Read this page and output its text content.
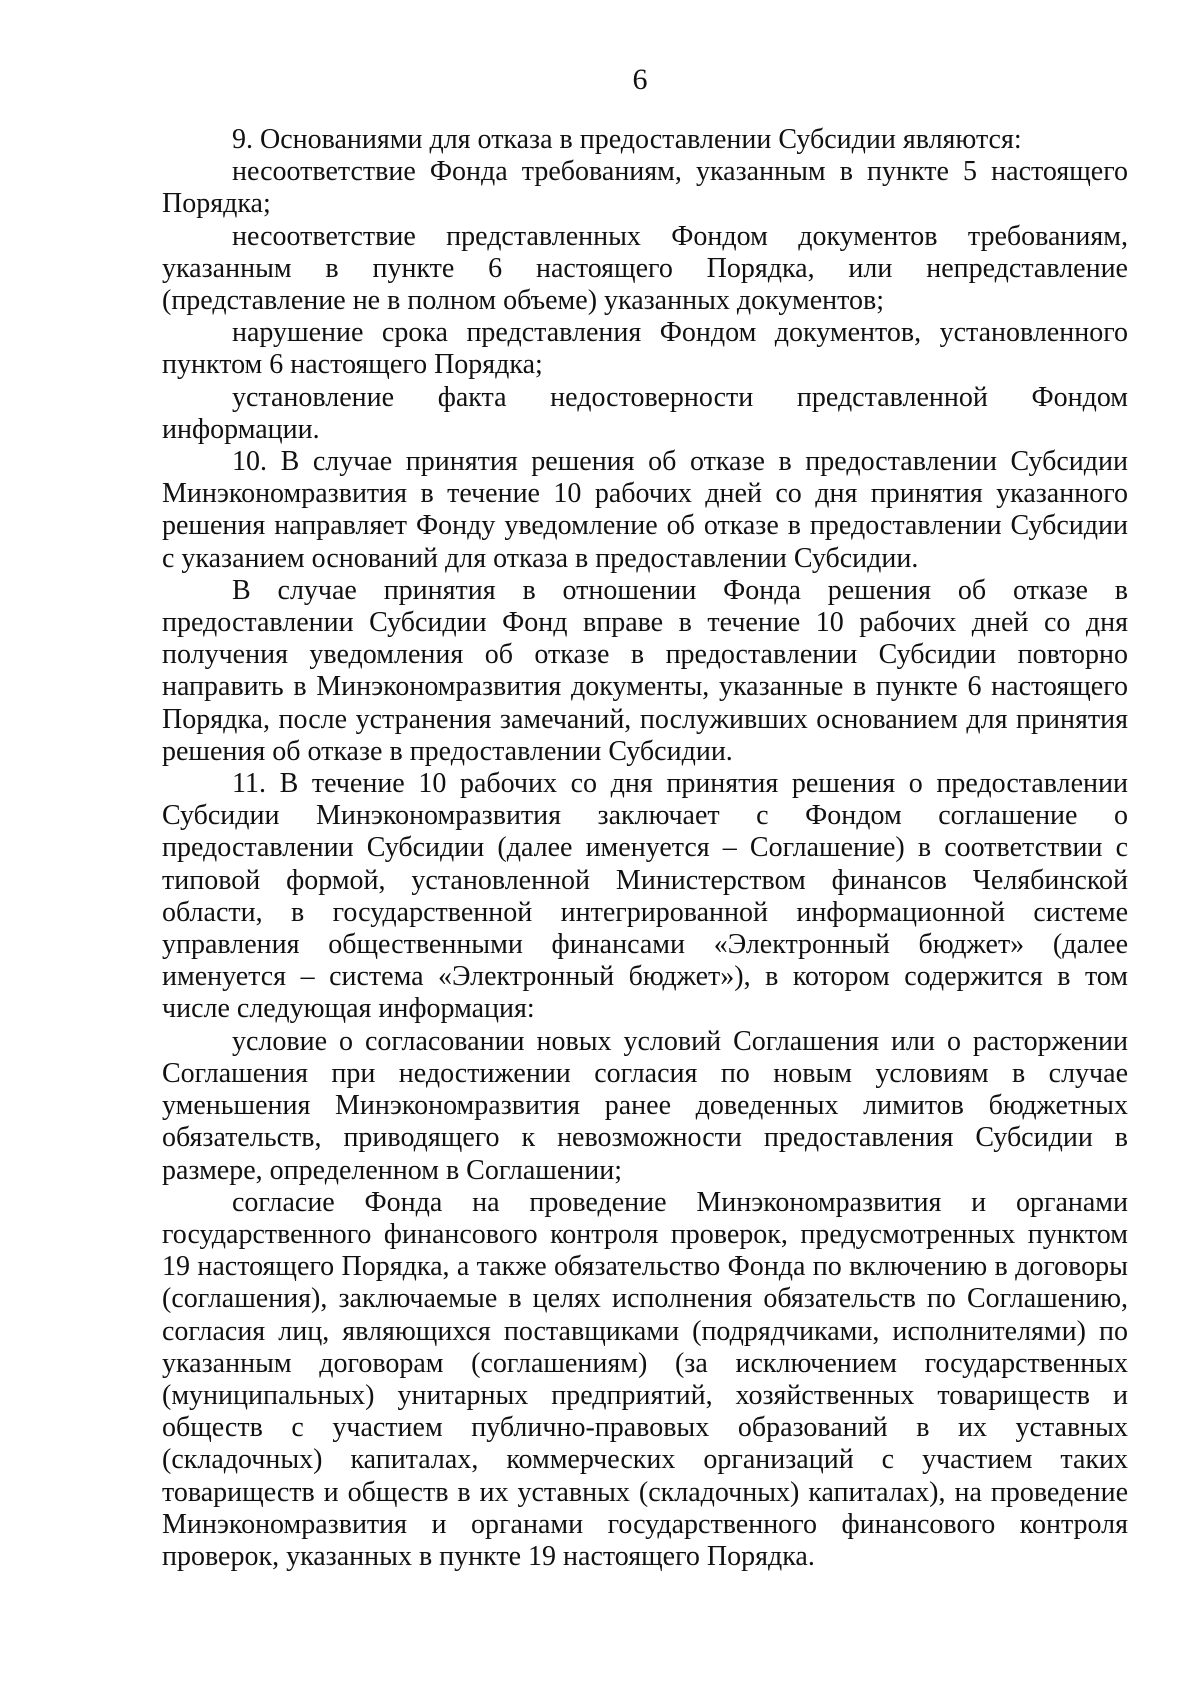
6

9. Основаниями для отказа в предоставлении Субсидии являются:

несоответствие Фонда требованиям, указанным в пункте 5 настоящего Порядка;

несоответствие представленных Фондом документов требованиям, указанным в пункте 6 настоящего Порядка, или непредставление (представление не в полном объеме) указанных документов;

нарушение срока представления Фондом документов, установленного пунктом 6 настоящего Порядка;

установление факта недостоверности представленной Фондом информации.

10. В случае принятия решения об отказе в предоставлении Субсидии Минэкономразвития в течение 10 рабочих дней со дня принятия указанного решения направляет Фонду уведомление об отказе в предоставлении Субсидии с указанием оснований для отказа в предоставлении Субсидии.

В случае принятия в отношении Фонда решения об отказе в предоставлении Субсидии Фонд вправе в течение 10 рабочих дней со дня получения уведомления об отказе в предоставлении Субсидии повторно направить в Минэкономразвития документы, указанные в пункте 6 настоящего Порядка, после устранения замечаний, послуживших основанием для принятия решения об отказе в предоставлении Субсидии.

11. В течение 10 рабочих со дня принятия решения о предоставлении Субсидии Минэкономразвития заключает с Фондом соглашение о предоставлении Субсидии (далее именуется – Соглашение) в соответствии с типовой формой, установленной Министерством финансов Челябинской области, в государственной интегрированной информационной системе управления общественными финансами «Электронный бюджет» (далее именуется – система «Электронный бюджет»), в котором содержится в том числе следующая информация:

условие о согласовании новых условий Соглашения или о расторжении Соглашения при недостижении согласия по новым условиям в случае уменьшения Минэкономразвития ранее доведенных лимитов бюджетных обязательств, приводящего к невозможности предоставления Субсидии в размере, определенном в Соглашении;

согласие Фонда на проведение Минэкономразвития и органами государственного финансового контроля проверок, предусмотренных пунктом 19 настоящего Порядка, а также обязательство Фонда по включению в договоры (соглашения), заключаемые в целях исполнения обязательств по Соглашению, согласия лиц, являющихся поставщиками (подрядчиками, исполнителями) по указанным договорам (соглашениям) (за исключением государственных (муниципальных) унитарных предприятий, хозяйственных товариществ и обществ с участием публично-правовых образований в их уставных (складочных) капиталах, коммерческих организаций с участием таких товариществ и обществ в их уставных (складочных) капиталах), на проведение Минэкономразвития и органами государственного финансового контроля проверок, указанных в пункте 19 настоящего Порядка.
